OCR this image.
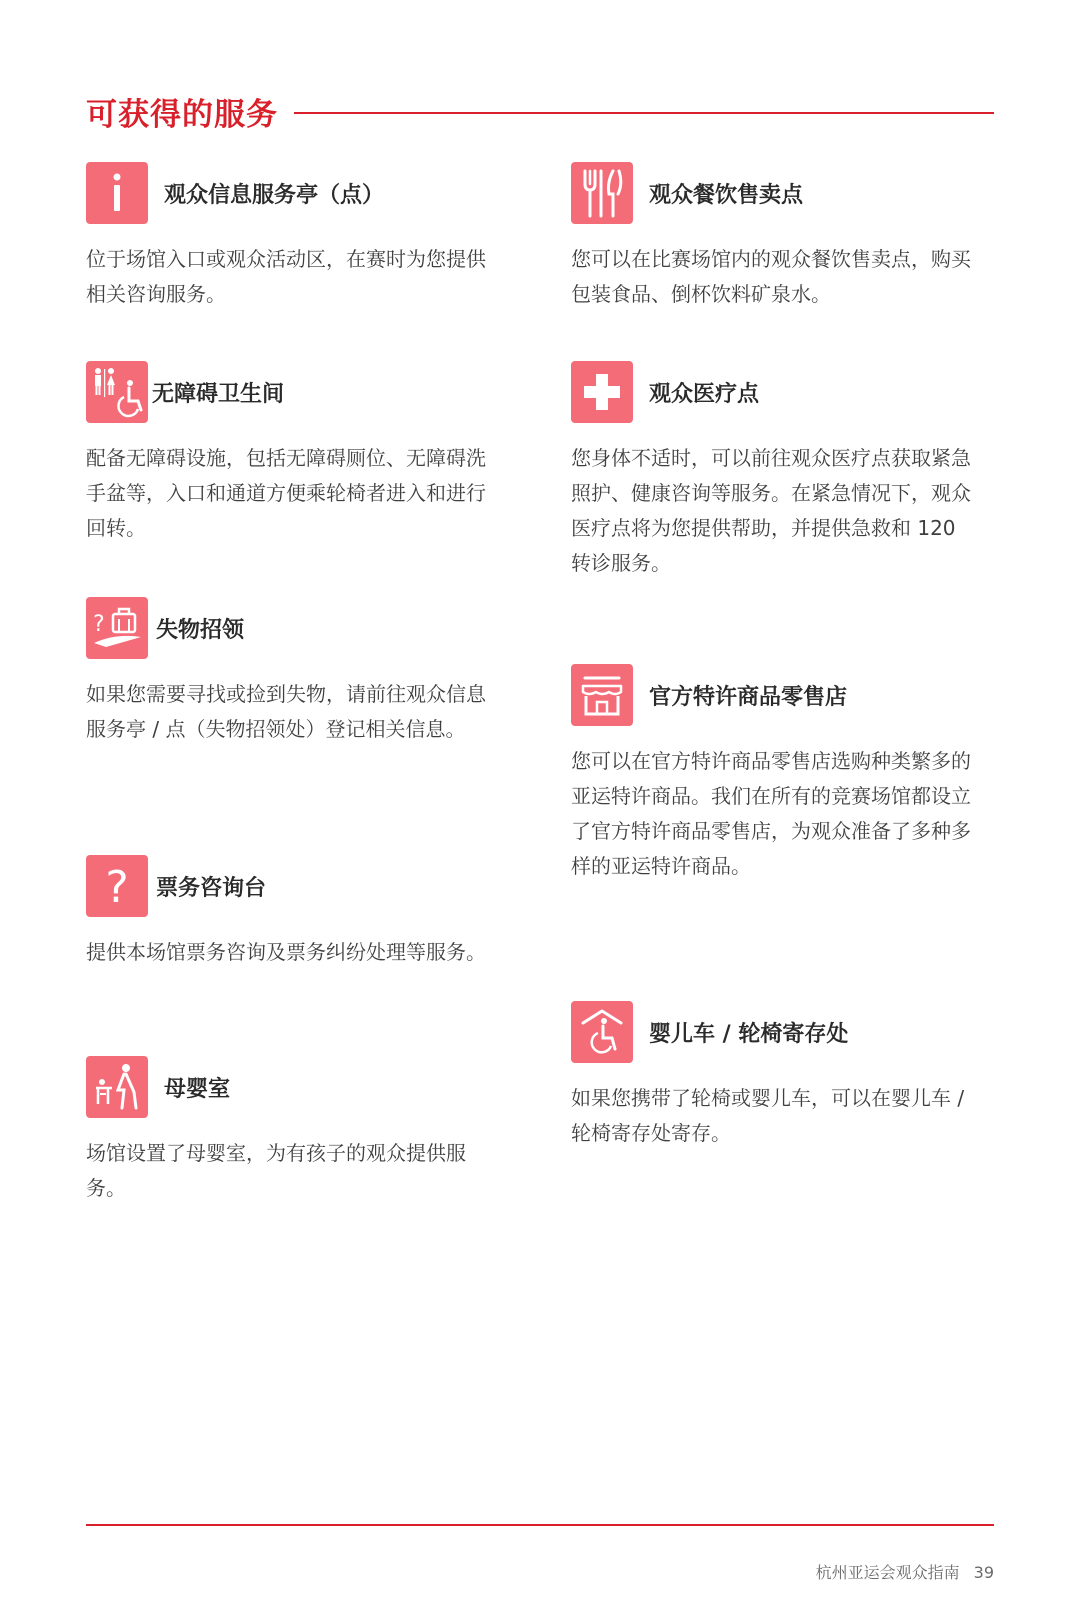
可获得的服务
观众信息服务亭（点）
位于场馆入口或观众活动区，在赛时为您提供相关咨询服务。
无障碍卫生间
配备无障碍设施，包括无障碍厕位、无障碍洗手盆等，入口和通道方便乘轮椅者进入和进行回转。
? 失物招领
如果您需要寻找或捡到失物，请前往观众信息服务亭 / 点（失物招领处）登记相关信息。
? 票务咨询台
提供本场馆票务咨询及票务纠纷处理等服务。
母婴室
场馆设置了母婴室，为有孩子的观众提供服务。
观众餐饮售卖点
您可以在比赛场馆内的观众餐饮售卖点，购买包装食品、倒杯饮料矿泉水。
观众医疗点
您身体不适时，可以前往观众医疗点获取紧急照护、健康咨询等服务。在紧急情况下，观众医疗点将为您提供帮助，并提供急救和 120 转诊服务。
官方特许商品零售店
您可以在官方特许商品零售店选购种类繁多的亚运特许商品。我们在所有的竞赛场馆都设立了官方特许商品零售店，为观众准备了多种多样的亚运特许商品。
婴儿车 / 轮椅寄存处
如果您携带了轮椅或婴儿车，可以在婴儿车 / 轮椅寄存处寄存。
杭州亚运会观众指南 39
